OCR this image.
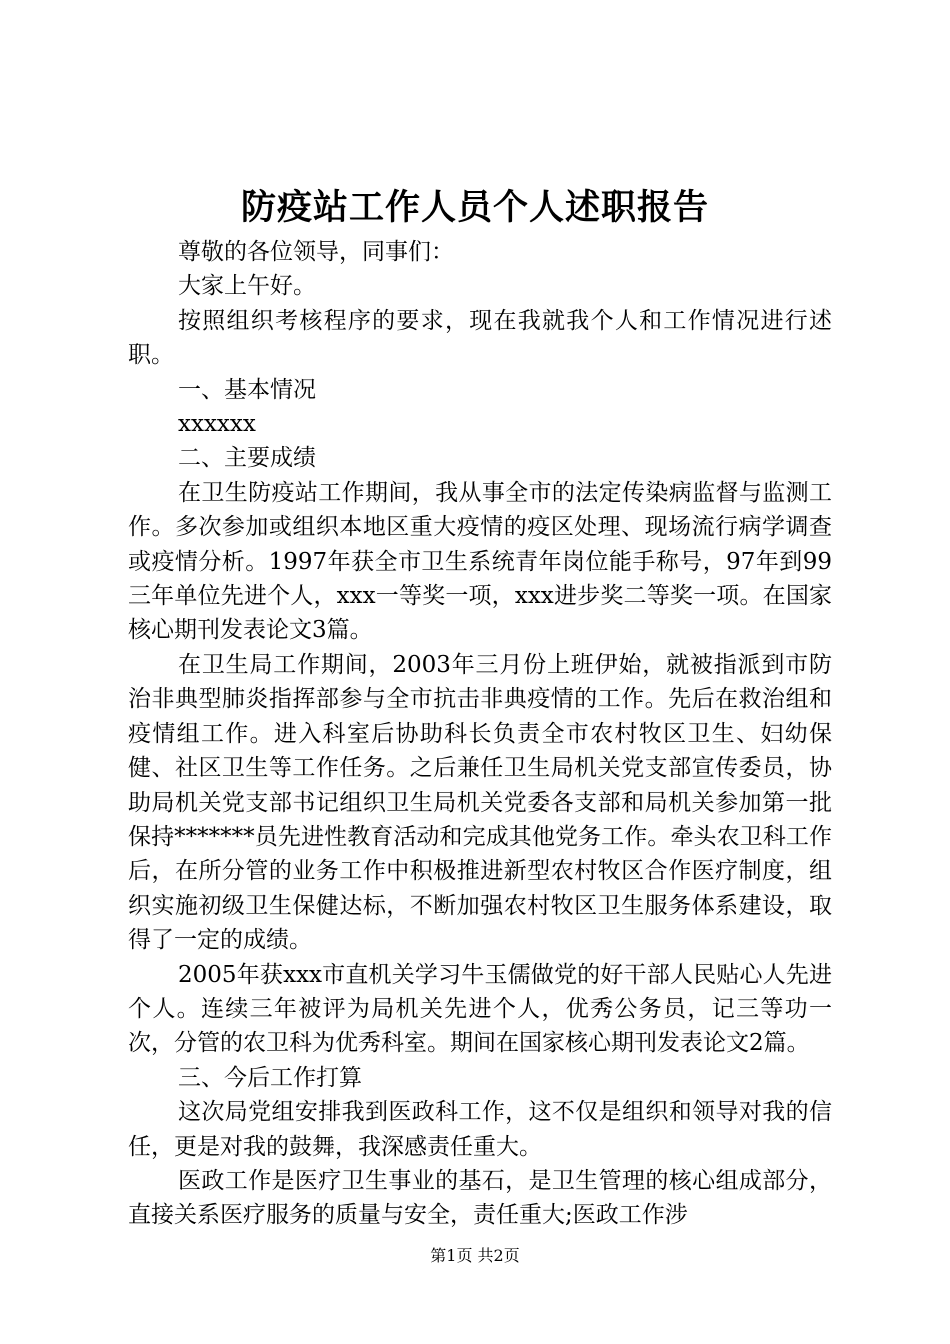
防疫站工作人员个人述职报告

尊敬的各位领导，同事们：

大家上午好。

按照组织考核程序的要求，现在我就我个人和工作情况进行述职。

一、基本情况

xxxxxx

二、主要成绩

在卫生防疫站工作期间，我从事全市的法定传染病监督与监测工作。多次参加或组织本地区重大疫情的疫区处理、现场流行病学调查或疫情分析。1997年获全市卫生系统青年岗位能手称号，97年到99三年单位先进个人，xxx一等奖一项，xxx进步奖二等奖一项。在国家核心期刊发表论文3篇。

在卫生局工作期间，2003年三月份上班伊始，就被指派到市防治非典型肺炎指挥部参与全市抗击非典疫情的工作。先后在救治组和疫情组工作。进入科室后协助科长负责全市农村牧区卫生、妇幼保健、社区卫生等工作任务。之后兼任卫生局机关党支部宣传委员，协助局机关党支部书记组织卫生局机关党委各支部和局机关参加第一批保持*******员先进性教育活动和完成其他党务工作。牵头农卫科工作后，在所分管的业务工作中积极推进新型农村牧区合作医疗制度，组织实施初级卫生保健达标，不断加强农村牧区卫生服务体系建设，取得了一定的成绩。

2005年获xxx市直机关学习牛玉儒做党的好干部人民贴心人先进个人。连续三年被评为局机关先进个人，优秀公务员，记三等功一次，分管的农卫科为优秀科室。期间在国家核心期刊发表论文2篇。

三、今后工作打算

这次局党组安排我到医政科工作，这不仅是组织和领导对我的信任，更是对我的鼓舞，我深感责任重大。

医政工作是医疗卫生事业的基石，是卫生管理的核心组成部分，直接关系医疗服务的质量与安全，责任重大;医政工作涉

第1页 共2页
